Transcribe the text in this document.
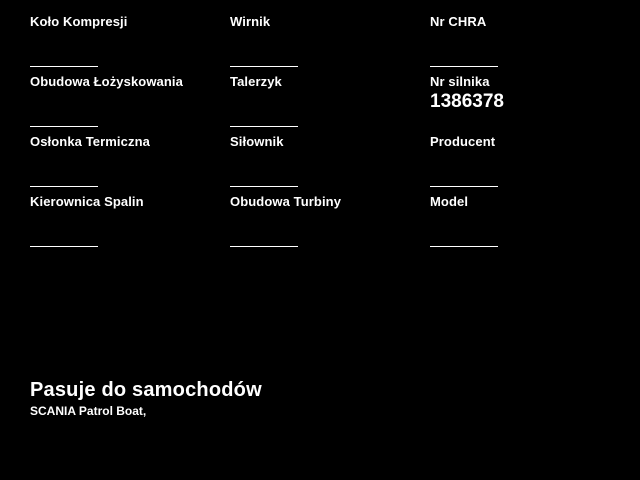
Koło Kompresji	Wirnik	Nr CHRA
Obudowa Łożyskowania	Talerzyk	Nr silnika
1386378
Osłonka Termiczna	Siłownik	Producent
Kierownica Spalin	Obudowa Turbiny	Model
Pasuje do samochodów
SCANIA Patrol Boat,
